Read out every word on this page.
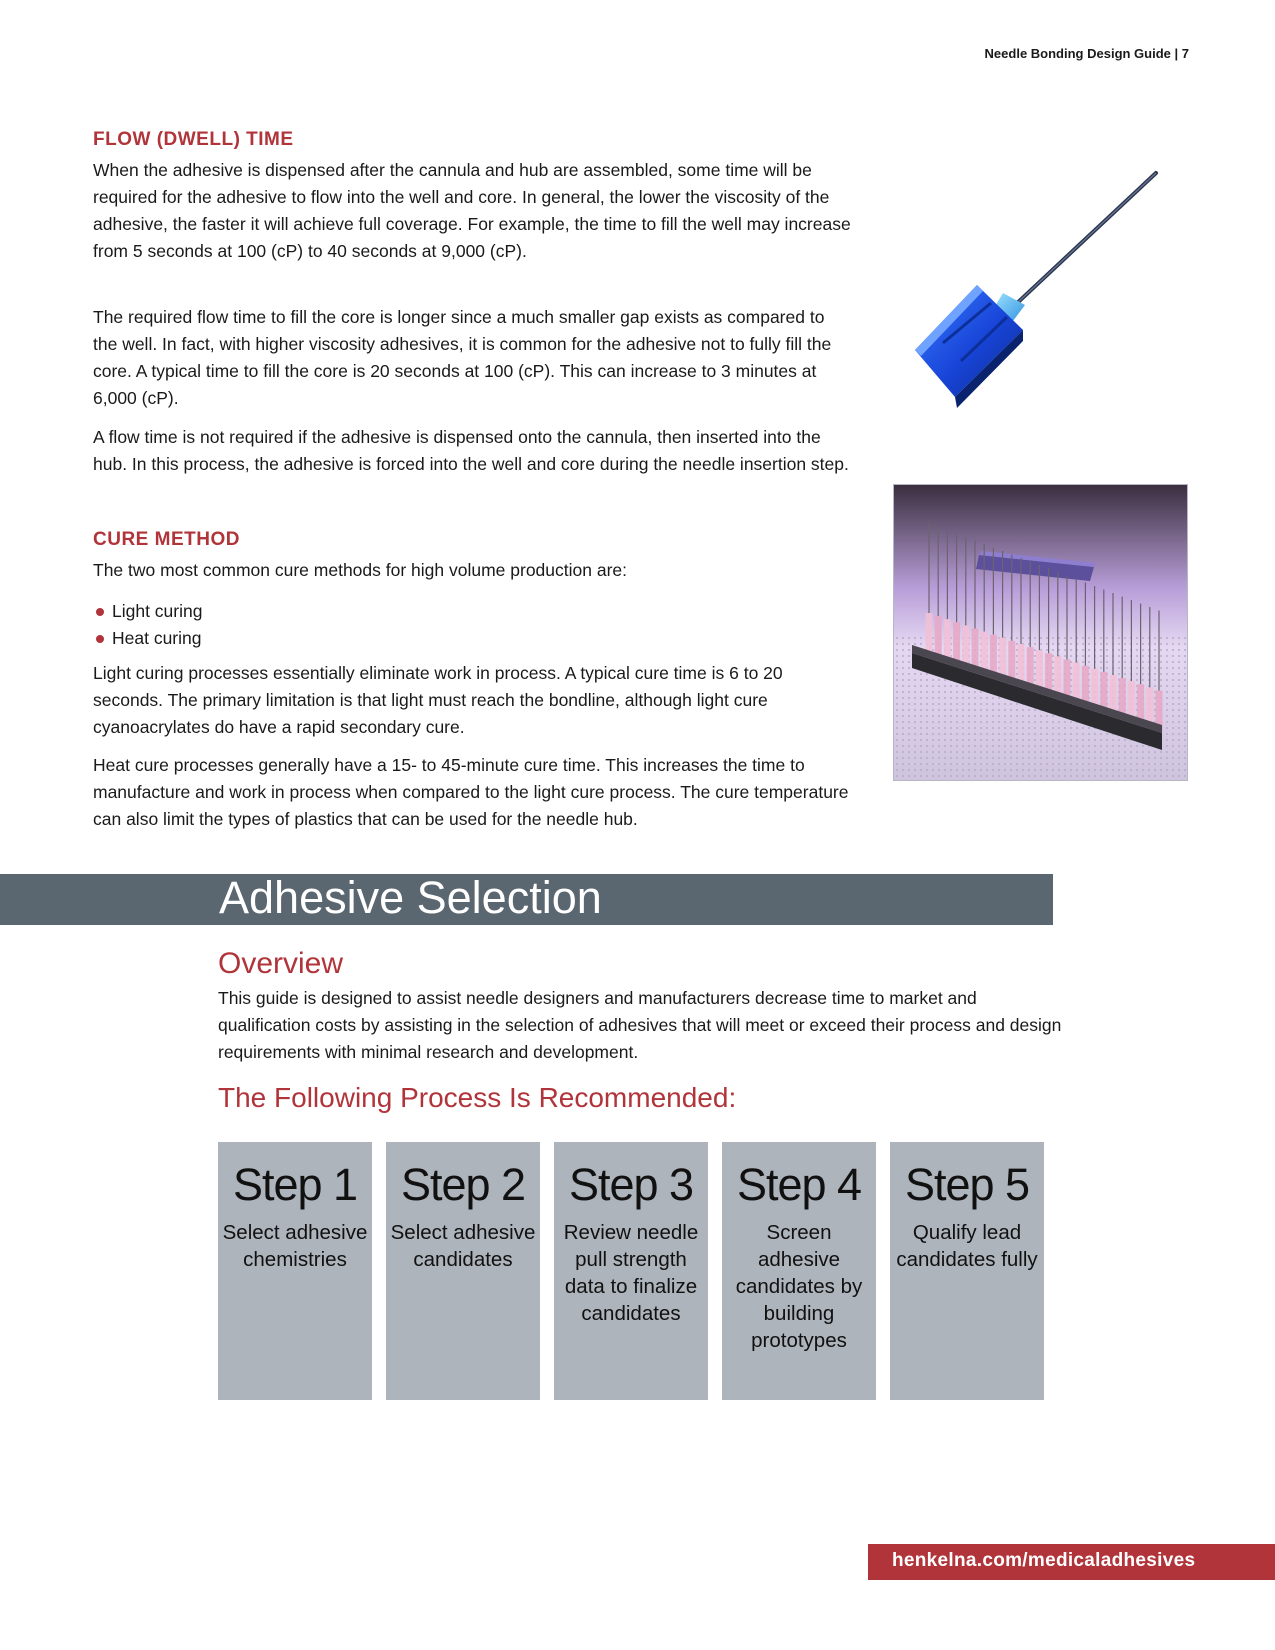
Needle Bonding Design Guide | 7
FLOW (DWELL) TIME

When the adhesive is dispensed after the cannula and hub are assembled, some time will be required for the adhesive to flow into the well and core. In general, the lower the viscosity of the adhesive, the faster it will achieve full coverage. For example, the time to fill the well may increase from 5 seconds at 100 (cP) to 40 seconds at 9,000 (cP).

The required flow time to fill the core is longer since a much smaller gap exists as compared to the well. In fact, with higher viscosity adhesives, it is common for the adhesive not to fully fill the core. A typical time to fill the core is 20 seconds at 100 (cP). This can increase to 3 minutes at 6,000 (cP).

A flow time is not required if the adhesive is dispensed onto the cannula, then inserted into the hub. In this process, the adhesive is forced into the well and core during the needle insertion step.

CURE METHOD

The two most common cure methods for high volume production are:

Light curing
Heat curing

Light curing processes essentially eliminate work in process. A typical cure time is 6 to 20 seconds. The primary limitation is that light must reach the bondline, although light cure cyanoacrylates do have a rapid secondary cure.

Heat cure processes generally have a 15- to 45-minute cure time. This increases the time to manufacture and work in process when compared to the light cure process. The cure temperature can also limit the types of plastics that can be used for the needle hub.

Adhesive Selection
Overview

This guide is designed to assist needle designers and manufacturers decrease time to market and qualification costs by assisting in the selection of adhesives that will meet or exceed their process and design requirements with minimal research and development.

The Following Process Is Recommended:
Step 1
Select adhesive chemistries
Step 2
Select adhesive candidates
Step 3
Review needle pull strength data to finalize candidates
Step 4
Screen adhesive candidates by building prototypes
Step 5
Qualify lead candidates fully
henkelna.com/medicaladhesives
